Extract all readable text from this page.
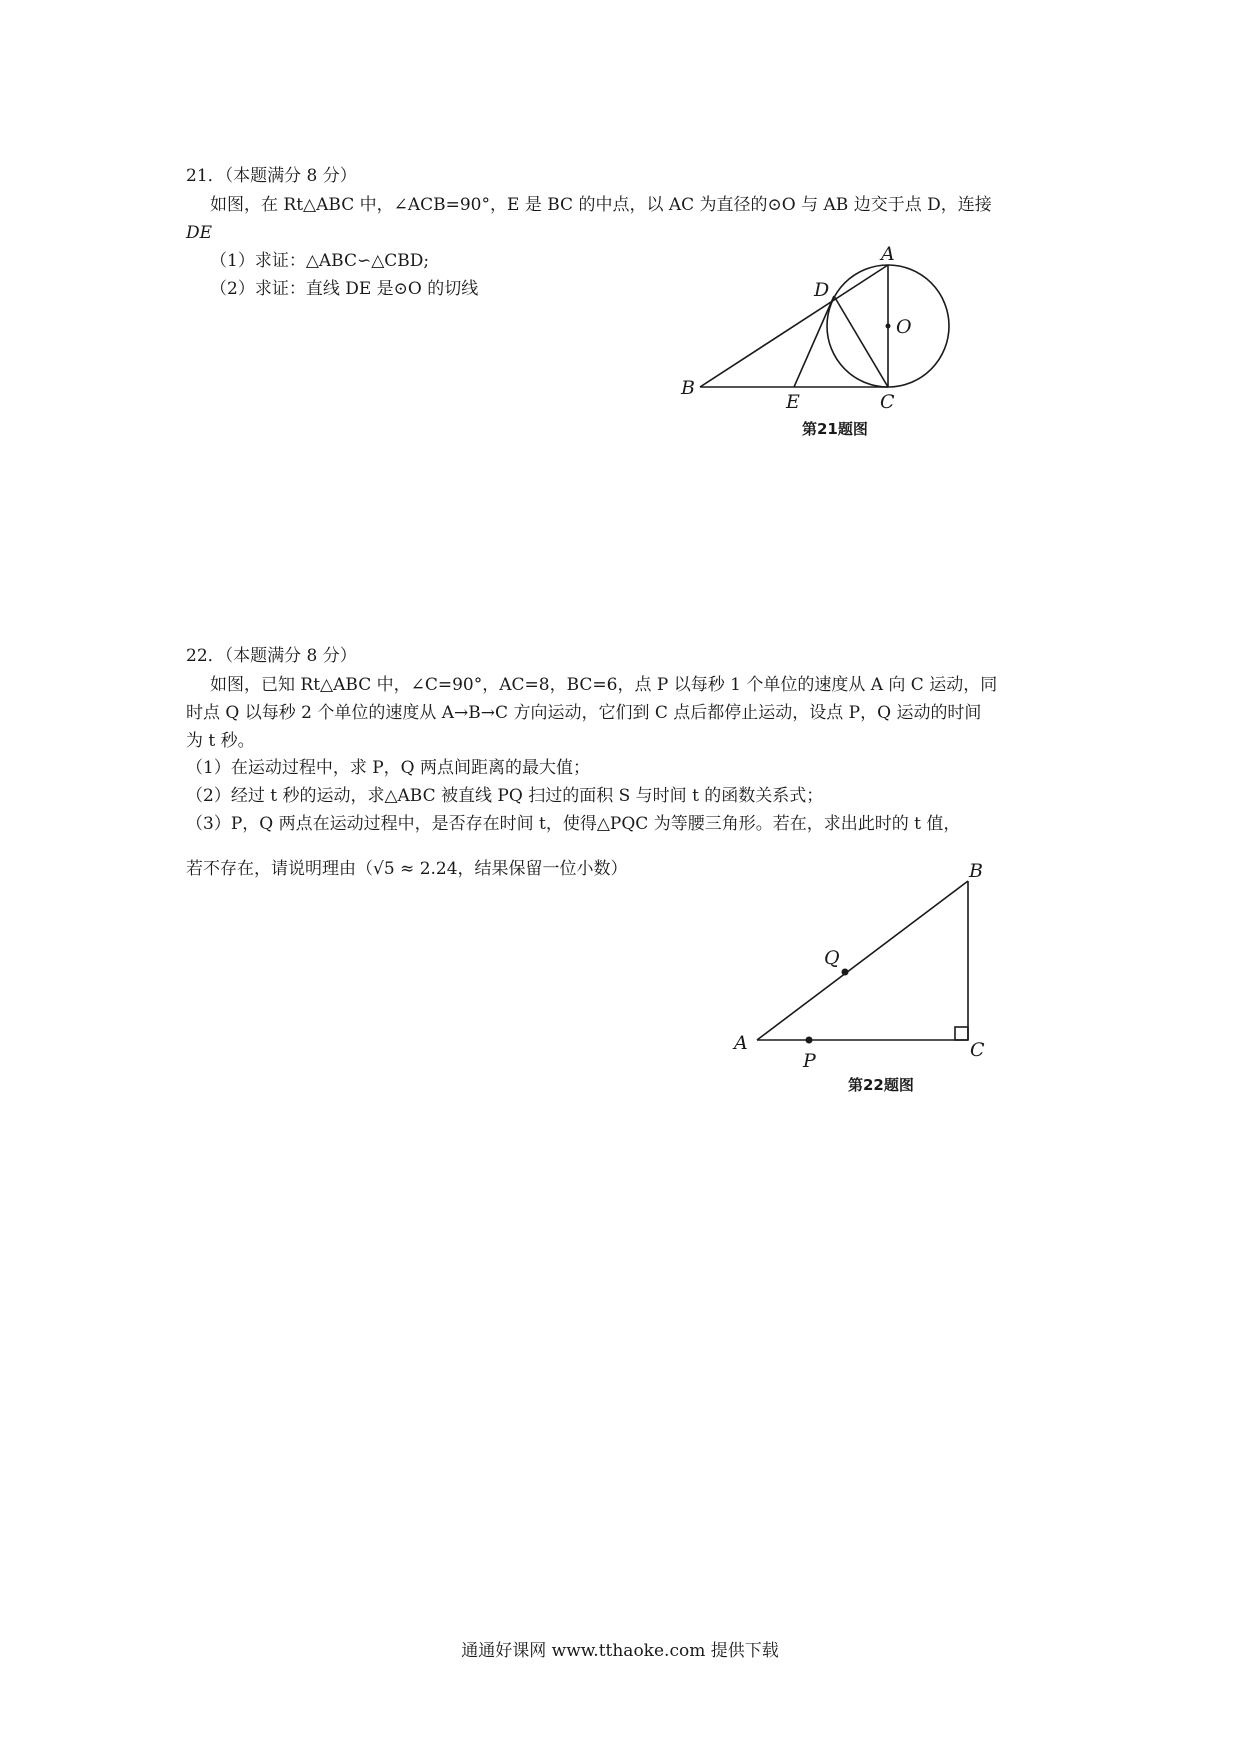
21．（本题满分 8 分）
如图，在 Rt△ABC 中，∠ACB=90°，E 是 BC 的中点，以 AC 为直径的⊙O 与 AB 边交于点 D，连接
DE
（1）求证：△ABC∽△CBD;
（2）求证：直线 DE 是⊙O 的切线
A
B
C
D
E
O
第21题图
22．（本题满分 8 分）
如图，已知 Rt△ABC 中，∠C=90°，AC=8，BC=6，点 P 以每秒 1 个单位的速度从 A 向 C 运动，同
时点 Q 以每秒 2 个单位的速度从 A→B→C 方向运动，它们到 C 点后都停止运动，设点 P，Q 运动的时间
为 t 秒。
（1）在运动过程中，求 P，Q 两点间距离的最大值；
（2）经过 t 秒的运动，求△ABC 被直线 PQ 扫过的面积 S 与时间 t 的函数关系式；
（3）P，Q 两点在运动过程中，是否存在时间 t，使得△PQC 为等腰三角形。若在，求出此时的 t 值，
若不存在，请说明理由（√5 ≈ 2.24，结果保留一位小数）
A
B
C
P
Q
第22题图
通通好课网 www.tthaoke.com 提供下载
